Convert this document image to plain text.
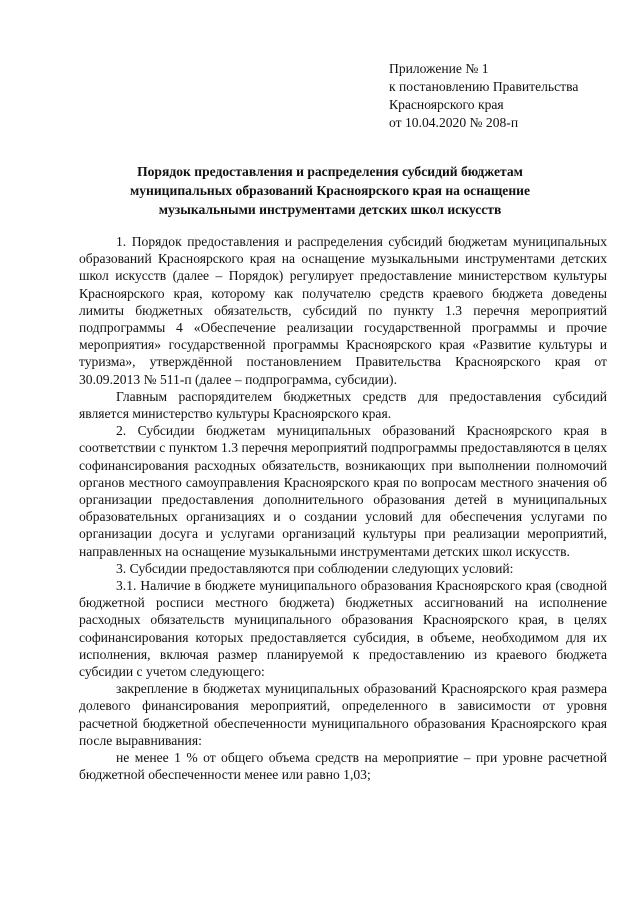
Приложение № 1
к постановлению Правительства
Красноярского края
от 10.04.2020 № 208-п
Порядок предоставления и распределения субсидий бюджетам
муниципальных образований Красноярского края на оснащение
музыкальными инструментами детских школ искусств

1. Порядок предоставления и распределения субсидий бюджетам муниципальных образований Красноярского края на оснащение музыкальными инструментами детских школ искусств (далее – Порядок) регулирует предоставление министерством культуры Красноярского края, которому как получателю средств краевого бюджета доведены лимиты бюджетных обязательств, субсидий по пункту 1.3 перечня мероприятий подпрограммы 4 «Обеспечение реализации государственной программы и прочие мероприятия» государственной программы Красноярского края «Развитие культуры и туризма», утверждённой постановлением Правительства Красноярского края от 30.09.2013 № 511-п (далее – подпрограмма, субсидии).

Главным распорядителем бюджетных средств для предоставления субсидий является министерство культуры Красноярского края.

2. Субсидии бюджетам муниципальных образований Красноярского края в соответствии с пунктом 1.3 перечня мероприятий подпрограммы предоставляются в целях софинансирования расходных обязательств, возникающих при выполнении полномочий органов местного самоуправления Красноярского края по вопросам местного значения об организации предоставления дополнительного образования детей в муниципальных образовательных организациях и о создании условий для обеспечения услугами по организации досуга и услугами организаций культуры при реализации мероприятий, направленных на оснащение музыкальными инструментами детских школ искусств.

3. Субсидии предоставляются при соблюдении следующих условий:

3.1. Наличие в бюджете муниципального образования Красноярского края (сводной бюджетной росписи местного бюджета) бюджетных ассигнований на исполнение расходных обязательств муниципального образования Красноярского края, в целях софинансирования которых предоставляется субсидия, в объеме, необходимом для их исполнения, включая размер планируемой к предоставлению из краевого бюджета субсидии с учетом следующего:

закрепление в бюджетах муниципальных образований Красноярского края размера долевого финансирования мероприятий, определенного в зависимости от уровня расчетной бюджетной обеспеченности муниципального образования Красноярского края после выравнивания:

не менее 1 % от общего объема средств на мероприятие – при уровне расчетной бюджетной обеспеченности менее или равно 1,03;
